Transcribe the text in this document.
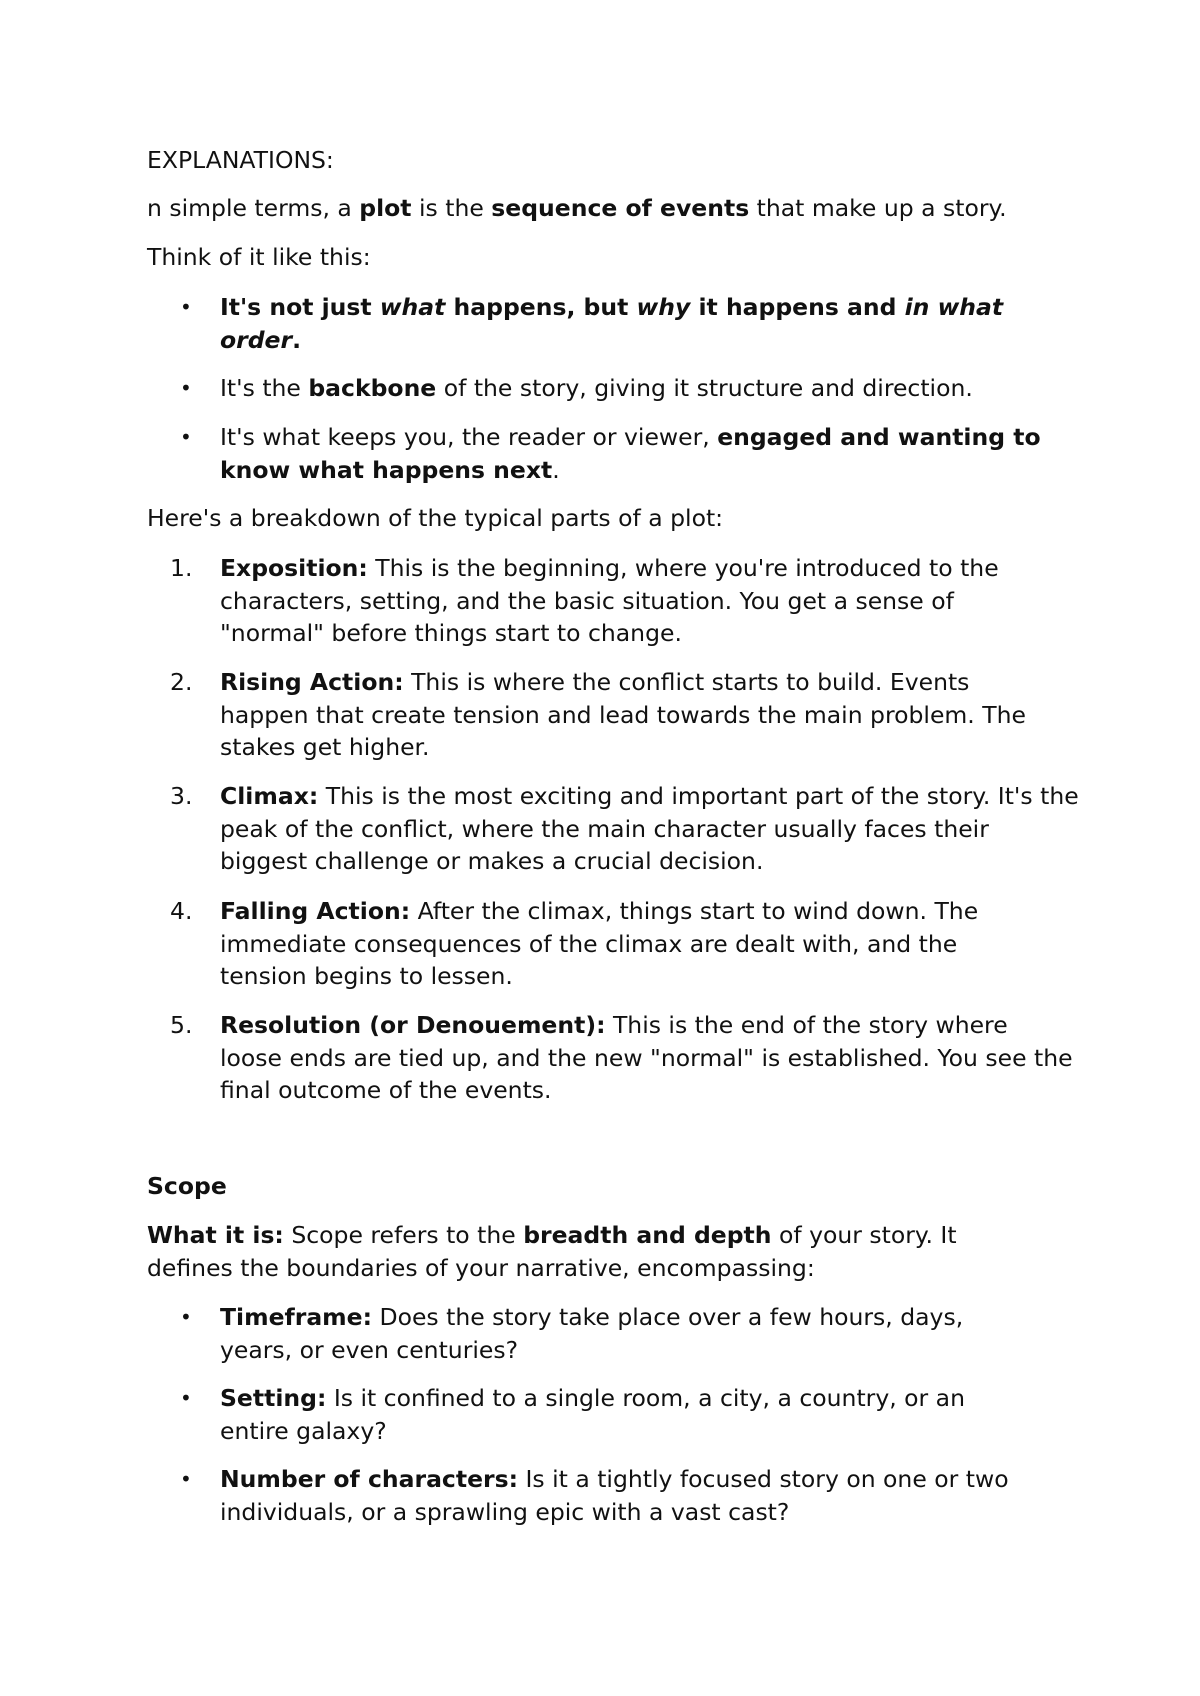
EXPLANATIONS:

n simple terms, a plot is the sequence of events that make up a story.

Think of it like this:

• It's not just what happens, but why it happens and in what order.

• It's the backbone of the story, giving it structure and direction.

• It's what keeps you, the reader or viewer, engaged and wanting to know what happens next.

Here's a breakdown of the typical parts of a plot:

1.	Exposition: This is the beginning, where you're introduced to the characters, setting, and the basic situation. You get a sense of "normal" before things start to change.

2.	Rising Action: This is where the conflict starts to build. Events happen that create tension and lead towards the main problem. The stakes get higher.

3.	Climax: This is the most exciting and important part of the story. It's the peak of the conflict, where the main character usually faces their biggest challenge or makes a crucial decision.

4.	Falling Action: After the climax, things start to wind down. The immediate consequences of the climax are dealt with, and the tension begins to lessen.

5.	Resolution (or Denouement): This is the end of the story where loose ends are tied up, and the new "normal" is established. You see the final outcome of the events.

Scope

What it is: Scope refers to the breadth and depth of your story. It defines the boundaries of your narrative, encompassing:

• Timeframe: Does the story take place over a few hours, days, years, or even centuries?

• Setting: Is it confined to a single room, a city, a country, or an entire galaxy?

• Number of characters: Is it a tightly focused story on one or two individuals, or a sprawling epic with a vast cast?
